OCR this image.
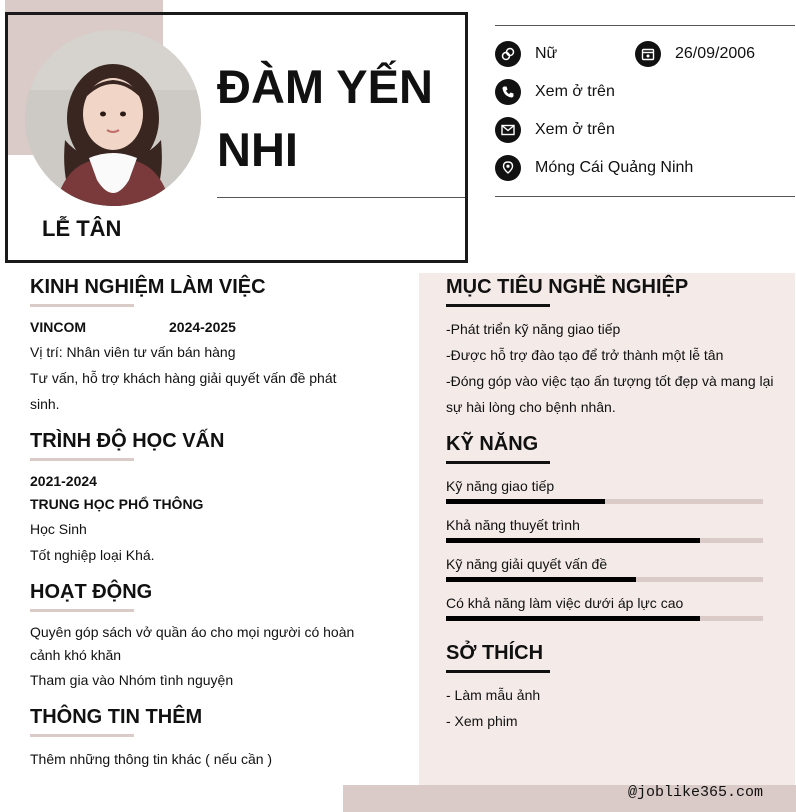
ĐÀM YẾN
NHI
LỄ TÂN
Nữ	26/09/2006
Xem ở trên
Xem ở trên
Móng Cái Quảng Ninh
KINH NGHIỆM LÀM VIỆC
VINCOM	2024-2025
Vị trí: Nhân viên tư vấn bán hàng
Tư vấn, hỗ trợ khách hàng giải quyết vấn đề phát
sinh.
TRÌNH ĐỘ HỌC VẤN
2021-2024
TRUNG HỌC PHỔ THÔNG
Học Sinh
Tốt nghiệp loại Khá.
HOẠT ĐỘNG
Quyên góp sách vở quần áo cho mọi người có hoàn
cảnh khó khăn
Tham gia vào Nhóm tình nguyện
THÔNG TIN THÊM
Thêm những thông tin khác ( nếu cần )
MỤC TIÊU NGHỀ NGHIỆP
-Phát triển kỹ năng giao tiếp
-Được hỗ trợ đào tạo để trở thành một lễ tân
-Đóng góp vào việc tạo ấn tượng tốt đẹp và mang lại
sự hài lòng cho bệnh nhân.
KỸ NĂNG
Kỹ năng giao tiếp
Khả năng thuyết trình
Kỹ năng giải quyết vấn đề
Có khả năng làm việc dưới áp lực cao
SỞ THÍCH
- Làm mẫu ảnh
- Xem phim
@joblike365.com
